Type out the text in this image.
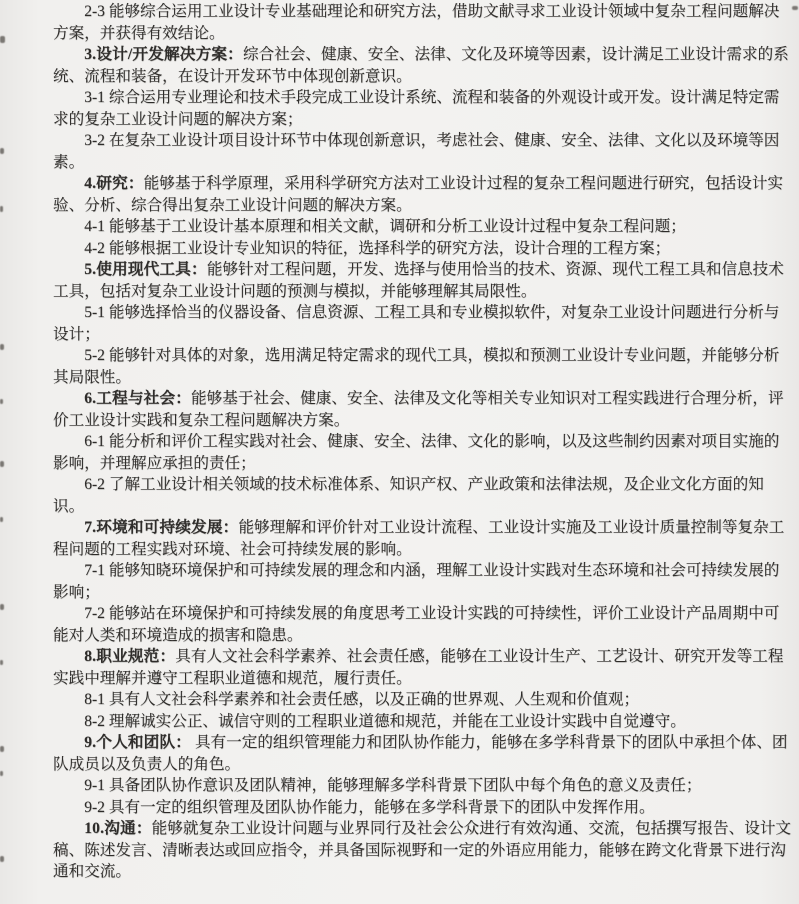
2-3 能够综合运用工业设计专业基础理论和研究方法，借助文献寻求工业设计领域中复杂工程问题解决方案，并获得有效结论。

3.设计/开发解决方案：综合社会、健康、安全、法律、文化及环境等因素，设计满足工业设计需求的系统、流程和装备，在设计开发环节中体现创新意识。

3-1 综合运用专业理论和技术手段完成工业设计系统、流程和装备的外观设计或开发。设计满足特定需求的复杂工业设计问题的解决方案；

3-2 在复杂工业设计项目设计环节中体现创新意识，考虑社会、健康、安全、法律、文化以及环境等因素。

4.研究：能够基于科学原理，采用科学研究方法对工业设计过程的复杂工程问题进行研究，包括设计实验、分析、综合得出复杂工业设计问题的解决方案。

4-1 能够基于工业设计基本原理和相关文献，调研和分析工业设计过程中复杂工程问题；

4-2 能够根据工业设计专业知识的特征，选择科学的研究方法，设计合理的工程方案；

5.使用现代工具：能够针对工程问题，开发、选择与使用恰当的技术、资源、现代工程工具和信息技术工具，包括对复杂工业设计问题的预测与模拟，并能够理解其局限性。

5-1 能够选择恰当的仪器设备、信息资源、工程工具和专业模拟软件，对复杂工业设计问题进行分析与设计；

5-2 能够针对具体的对象，选用满足特定需求的现代工具，模拟和预测工业设计专业问题，并能够分析其局限性。

6.工程与社会：能够基于社会、健康、安全、法律及文化等相关专业知识对工程实践进行合理分析，评价工业设计实践和复杂工程问题解决方案。

6-1 能分析和评价工程实践对社会、健康、安全、法律、文化的影响，以及这些制约因素对项目实施的影响，并理解应承担的责任；

6-2 了解工业设计相关领域的技术标准体系、知识产权、产业政策和法律法规，及企业文化方面的知识。

7.环境和可持续发展：能够理解和评价针对工业设计流程、工业设计实施及工业设计质量控制等复杂工程问题的工程实践对环境、社会可持续发展的影响。

7-1 能够知晓环境保护和可持续发展的理念和内涵，理解工业设计实践对生态环境和社会可持续发展的影响；

7-2 能够站在环境保护和可持续发展的角度思考工业设计实践的可持续性，评价工业设计产品周期中可能对人类和环境造成的损害和隐患。

8.职业规范：具有人文社会科学素养、社会责任感，能够在工业设计生产、工艺设计、研究开发等工程实践中理解并遵守工程职业道德和规范，履行责任。

8-1 具有人文社会科学素养和社会责任感，以及正确的世界观、人生观和价值观；

8-2 理解诚实公正、诚信守则的工程职业道德和规范，并能在工业设计实践中自觉遵守。

9.个人和团队： 具有一定的组织管理能力和团队协作能力，能够在多学科背景下的团队中承担个体、团队成员以及负责人的角色。

9-1 具备团队协作意识及团队精神，能够理解多学科背景下团队中每个角色的意义及责任；

9-2 具有一定的组织管理及团队协作能力，能够在多学科背景下的团队中发挥作用。

10.沟通：能够就复杂工业设计问题与业界同行及社会公众进行有效沟通、交流，包括撰写报告、设计文稿、陈述发言、清晰表达或回应指令，并具备国际视野和一定的外语应用能力，能够在跨文化背景下进行沟通和交流。
